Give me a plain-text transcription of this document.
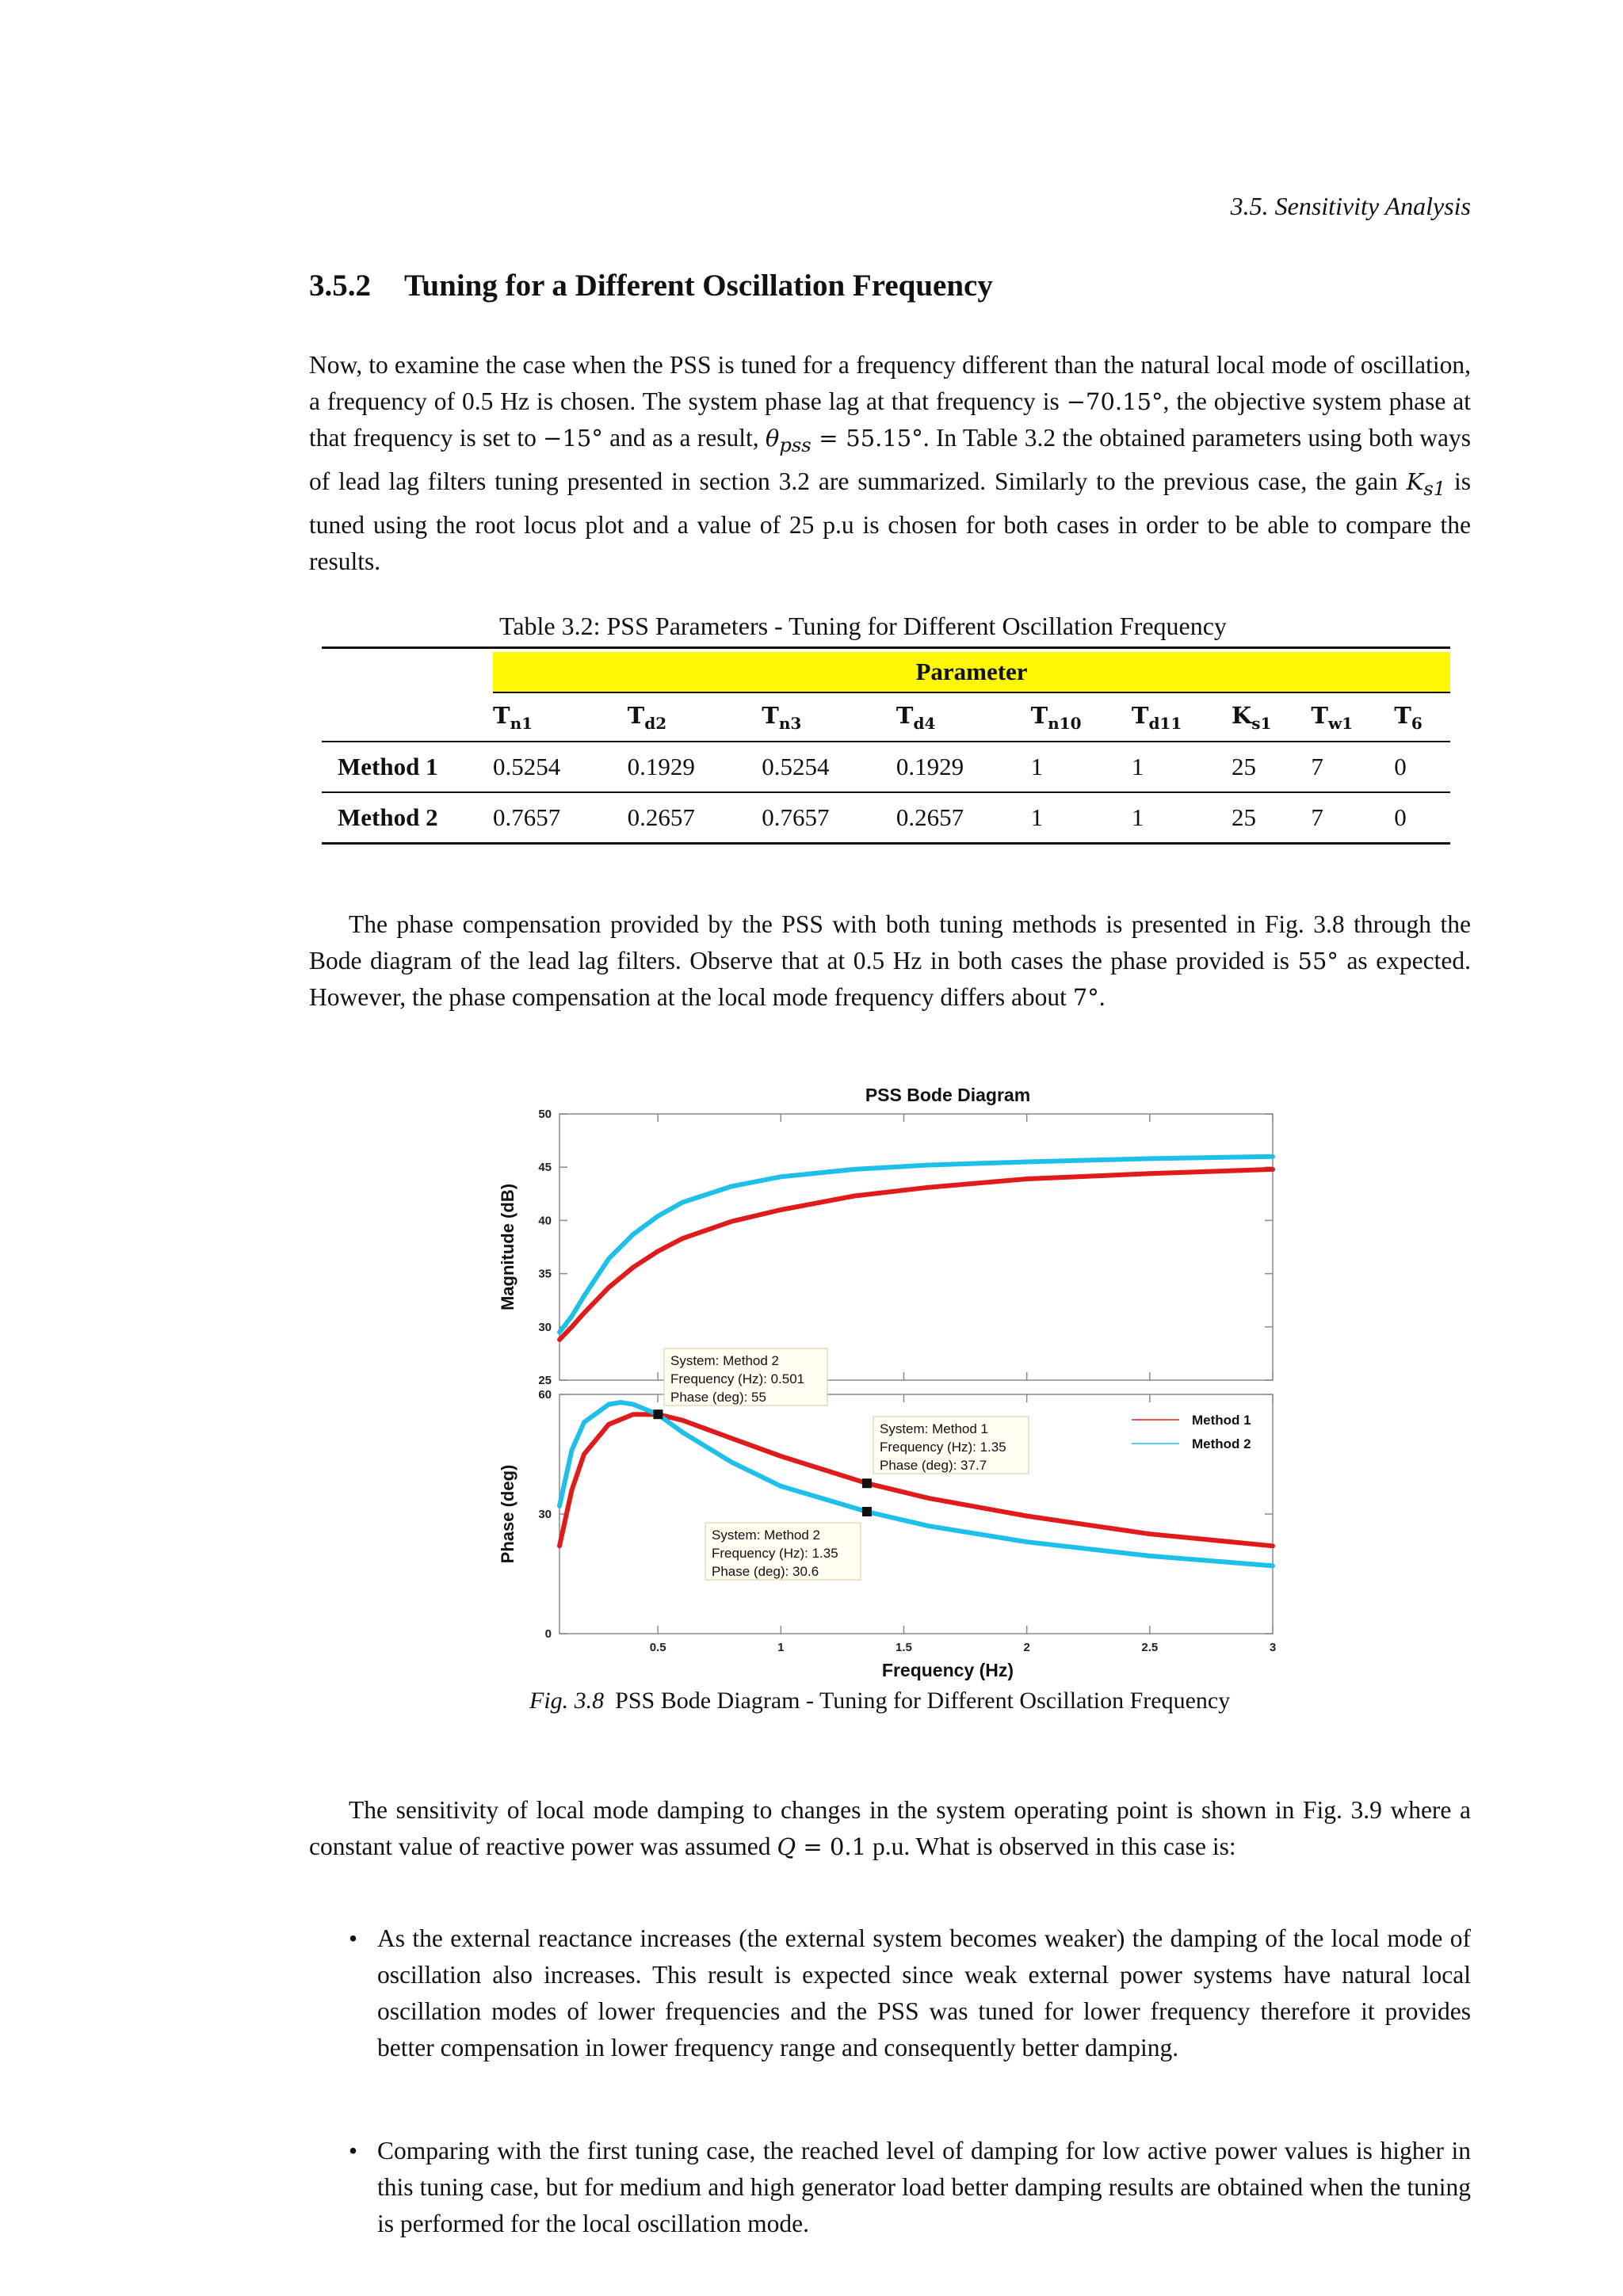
3.5. Sensitivity Analysis
3.5.2 Tuning for a Different Oscillation Frequency

Now, to examine the case when the PSS is tuned for a frequency different than the natural local mode of oscillation, a frequency of 0.5 Hz is chosen. The system phase lag at that frequency is −70.15°, the objective system phase at that frequency is set to −15° and as a result, $\theta_{pss} = 55.15^\circ$. In Table 3.2 the obtained parameters using both ways of lead lag filters tuning presented in section 3.2 are summarized. Similarly to the previous case, the gain $K_{s1}$ is tuned using the root locus plot and a value of 25 p.u is chosen for both cases in order to be able to compare the results.

Table 3.2: PSS Parameters - Tuning for Different Oscillation Frequency

	Parameter								
	$T_{n1}$	$T_{d2}$	$T_{n3}$	$T_{d4}$	$T_{n10}$	$T_{d11}$	$K_{s1}$	$T_{w1}$	$T_6$
Method 1	0.5254	0.1929	0.5254	0.1929	1	1	25	7	0
Method 2	0.7657	0.2657	0.7657	0.2657	1	1	25	7	0

The phase compensation provided by the PSS with both tuning methods is presented in Fig. 3.8 through the Bode diagram of the lead lag filters. Observe that at 0.5 Hz in both cases the phase provided is 55° as expected. However, the phase compensation at the local mode frequency differs about 7°.

25
30
35
40
45
50
Magnitude (dB)
0
30
60
Phase (deg)
0.5	1	1.5	2	2.5	3
PSS Bode Diagram
Frequency (Hz)
Method 1
Method 2
System: Method 2
Frequency (Hz): 0.501
Phase (deg): 55
System: Method 1
Frequency (Hz): 1.35
Phase (deg): 37.7
System: Method 2
Frequency (Hz): 1.35
Phase (deg): 30.6
Fig. 3.8 PSS Bode Diagram - Tuning for Different Oscillation Frequency

The sensitivity of local mode damping to changes in the system operating point is shown in Fig. 3.9 where a constant value of reactive power was assumed Q = 0.1 p.u. What is observed in this case is:

• As the external reactance increases (the external system becomes weaker) the damping of the local mode of oscillation also increases. This result is expected since weak external power systems have natural local oscillation modes of lower frequencies and the PSS was tuned for lower frequency therefore it provides better compensation in lower frequency range and consequently better damping.
• Comparing with the first tuning case, the reached level of damping for low active power values is higher in this tuning case, but for medium and high generator load better damping results are obtained when the tuning is performed for the local oscillation mode.
